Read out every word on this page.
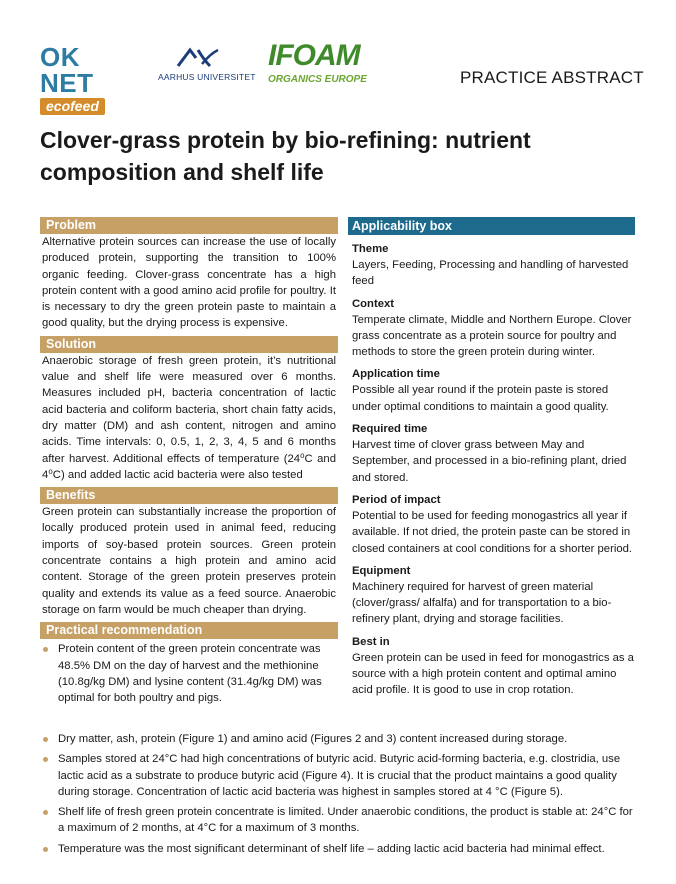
OK NET
ecofeed
AARHUS UNIVERSITET
IFOAM
ORGANICS EUROPE	PRACTICE ABSTRACT
Clover-grass protein by bio-refining: nutrient composition and shelf life
Problem
Alternative protein sources can increase the use of locally produced protein, supporting the transition to 100% organic feeding. Clover-grass concentrate has a high protein content with a good amino acid profile for poultry. It is necessary to dry the green protein paste to maintain a good quality, but the drying process is expensive.
Solution
Anaerobic storage of fresh green protein, it’s nutritional value and shelf life were measured over 6 months. Measures included pH, bacteria concentration of lactic acid bacteria and coliform bacteria, short chain fatty acids, dry matter (DM) and ash content, nitrogen and amino acids. Time intervals: 0, 0.5, 1, 2, 3, 4, 5 and 6 months after harvest. Additional effects of temperature (24⁰C and 4⁰C) and added lactic acid bacteria were also tested
Benefits
Green protein can substantially increase the proportion of locally produced protein used in animal feed, reducing imports of soy-based protein sources. Green protein concentrate contains a high protein and amino acid content. Storage of the green protein preserves protein quality and extends its value as a feed source. Anaerobic storage on farm would be much cheaper than drying.
Practical recommendation
Protein content of the green protein concentrate was 48.5% DM on the day of harvest and the methionine (10.8g/kg DM) and lysine content (31.4g/kg DM) was optimal for both poultry and pigs.
Applicability box
Theme
Layers, Feeding, Processing and handling of harvested feed
Context
Temperate climate, Middle and Northern Europe. Clover grass concentrate as a protein source for poultry and methods to store the green protein during winter.
Application time
Possible all year round if the protein paste is stored under optimal conditions to maintain a good quality.
Required time
Harvest time of clover grass between May and September, and processed in a bio-refining plant, dried and stored.
Period of impact
Potential to be used for feeding monogastrics all year if available. If not dried, the protein paste can be stored in closed containers at cool conditions for a shorter period.
Equipment
Machinery required for harvest of green material (clover/grass/ alfalfa) and for transportation to a bio-refinery plant, drying and storage facilities.
Best in
Green protein can be used in feed for monogastrics as a source with a high protein content and optimal amino acid profile. It is good to use in crop rotation.
Dry matter, ash, protein (Figure 1) and amino acid (Figures 2 and 3) content increased during storage.
Samples stored at 24°C had high concentrations of butyric acid. Butyric acid-forming bacteria, e.g. clostridia, use lactic acid as a substrate to produce butyric acid (Figure 4). It is crucial that the product maintains a good quality during storage. Concentration of lactic acid bacteria was highest in samples stored at 4 °C (Figure 5).
Shelf life of fresh green protein concentrate is limited. Under anaerobic conditions, the product is stable at: 24°C for a maximum of 2 months, at 4°C for a maximum of 3 months.
Temperature was the most significant determinant of shelf life – adding lactic acid bacteria had minimal effect.
